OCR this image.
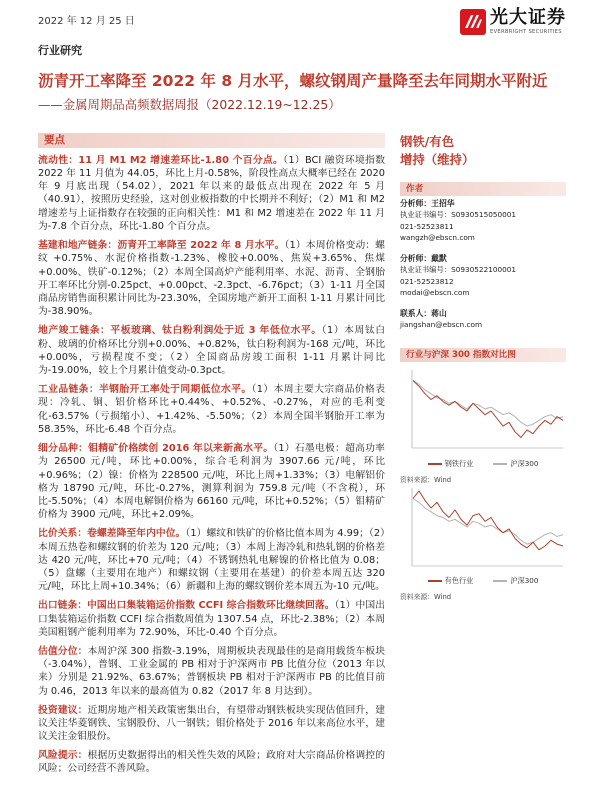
2022 年 12 月 25 日	光大证券
EVERBRIGHT SECURITIES
行业研究
沥青开工率降至 2022 年 8 月水平，螺纹钢周产量降至去年同期水平附近
——金属周期品高频数据周报（2022.12.19~12.25）
要点

流动性：11 月 M1 M2 增速差环比-1.80 个百分点。（1）BCI 融资环境指数 2022 年 11 月值为 44.05，环比上月-0.58%，阶段性高点大概率已经在 2020 年 9 月底出现（54.02），2021 年以来的最低点出现在 2022 年 5 月（40.91），按照历史经验，这对创业板指数的中长期并不利好；（2）M1 和 M2 增速差与上证指数存在较强的正向相关性：M1 和 M2 增速差在 2022 年 11 月为-7.8 个百分点，环比-1.80 个百分点。

基建和地产链条：沥青开工率降至 2022 年 8 月水平。（1）本周价格变动：螺纹 +0.75%、水泥价格指数-1.23%、橡胶+0.00%、焦炭+3.65%、焦煤+0.00%、铁矿-0.12%；（2）本周全国高炉产能利用率、水泥、沥青、全钢胎开工率环比分别-0.25pct、+0.00pct、-2.3pct、-6.76pct；（3）1-11 月全国商品房销售面积累计同比为-23.30%，全国房地产新开工面积 1-11 月累计同比为-38.90%。

地产竣工链条：平板玻璃、钛白粉利润处于近 3 年低位水平。（1）本周钛白粉、玻璃的价格环比分别+0.00%、+0.82%，钛白粉利润为-168 元/吨，环比+0.00%，亏损程度不变；（2）全国商品房竣工面积 1-11 月累计同比为-19.00%，较上个月累计值变动-0.3pct。

工业品链条：半钢胎开工率处于同期低位水平。（1）本周主要大宗商品价格表现：冷轧、铜、铝价格环比+0.44%、+0.52%、-0.27%，对应的毛利变化-63.57%（亏损缩小）、+1.42%、-5.50%；（2）本周全国半钢胎开工率为 58.35%，环比-6.48 个百分点。

细分品种：钼精矿价格续创 2016 年以来新高水平。（1）石墨电极：超高功率为 26500 元/吨，环比+0.00%，综合毛利润为 3907.66 元/吨，环比+0.96%；（2）镍：价格为 228500 元/吨，环比上周+1.33%；（3）电解铝价格为 18790 元/吨，环比-0.27%，测算利润为 759.8 元/吨（不含税），环比-5.50%；（4）本周电解铜价格为 66160 元/吨，环比+0.52%；（5）钼精矿价格为 3900 元/吨，环比+2.09%。

比价关系：卷螺差降至年内中位。（1）螺纹和铁矿的价格比值本周为 4.99；（2）本周五热卷和螺纹钢的价差为 120 元/吨；（3）本周上海冷轧和热轧钢的价格差达 420 元/吨，环比+70 元/吨；（4）不锈钢热轧电解镍的价格比值为 0.08；（5）盘螺（主要用在地产）和螺纹钢（主要用在基建）的价差本周五达 320 元/吨，环比上周+10.34%；（6）新疆和上海的螺纹钢价差本周五为-10 元/吨。

出口链条：中国出口集装箱运价指数 CCFI 综合指数环比继续回落。（1）中国出口集装箱运价指数 CCFI 综合指数周值为 1307.54 点，环比-2.38%；（2）本周美国粗钢产能利用率为 72.90%，环比-0.40 个百分点。

估值分位：本周沪深 300 指数-3.19%，周期板块表现最佳的是商用载货车板块（-3.04%），普钢、工业金属的 PB 相对于沪深两市 PB 比值分位（2013 年以来）分别是 21.92%、63.67%；普钢板块 PB 相对于沪深两市 PB 的比值目前为 0.46，2013 年以来的最高值为 0.82（2017 年 8 月达到）。

投资建议：近期房地产相关政策密集出台，有望带动钢铁板块实现估值回升，建议关注华菱钢铁、宝钢股份、八一钢铁；钼价格处于 2016 年以来高位水平，建议关注金钼股份。

风险提示：根据历史数据得出的相关性失效的风险；政府对大宗商品价格调控的风险；公司经营不善风险。

钢铁/有色
增持（维持）
作者
分析师：王招华
执业证书编号：S0930515050001
021-52523811
wangzh@ebscn.com
分析师：戴默
执业证书编号：S0930522100001
021-52523812
modai@ebscn.com
联系人：蒋山
jiangshan@ebscn.com
行业与沪深 300 指数对比图
钢铁行业	沪深300
资料来源：Wind
有色行业	沪深300
资料来源：Wind
